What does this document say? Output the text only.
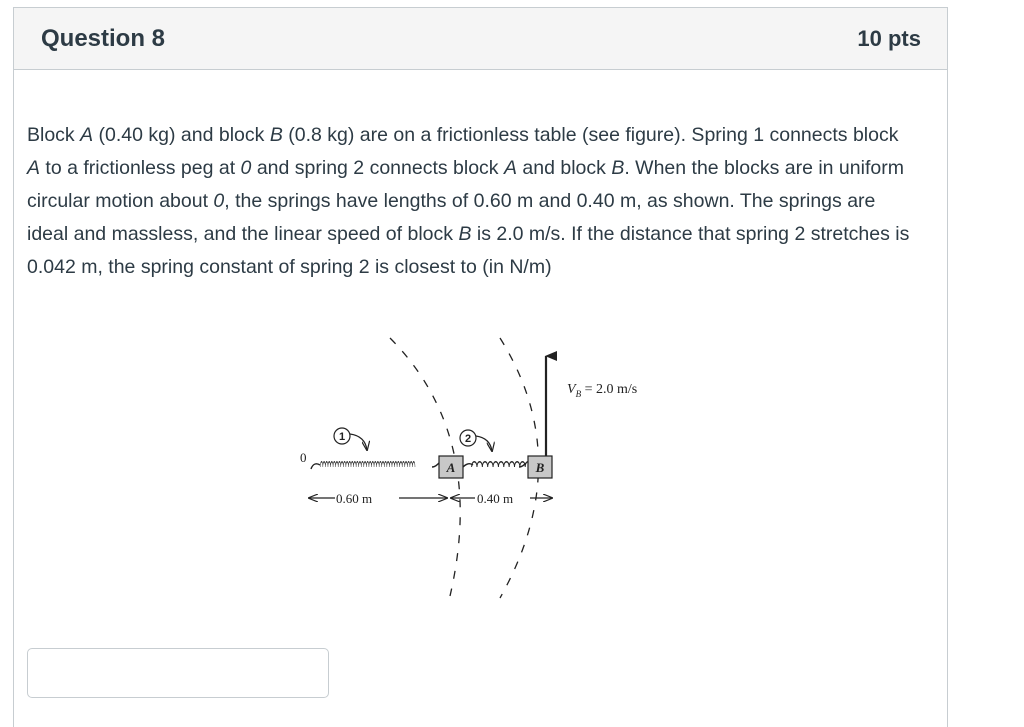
Question 8	10 pts

Block A (0.40 kg) and block B (0.8 kg) are on a frictionless table (see figure). Spring 1 connects block A to a frictionless peg at 0 and spring 2 connects block A and block B. When the blocks are in uniform circular motion about 0, the springs have lengths of 0.60 m and 0.40 m, as shown. The springs are ideal and massless, and the linear speed of block B is 2.0 m/s. If the distance that spring 2 stretches is 0.042 m, the spring constant of spring 2 is closest to (in N/m)

0
1
A
2
B
$V_B = 2.0$ m/s
0.60 m	0.40 m
